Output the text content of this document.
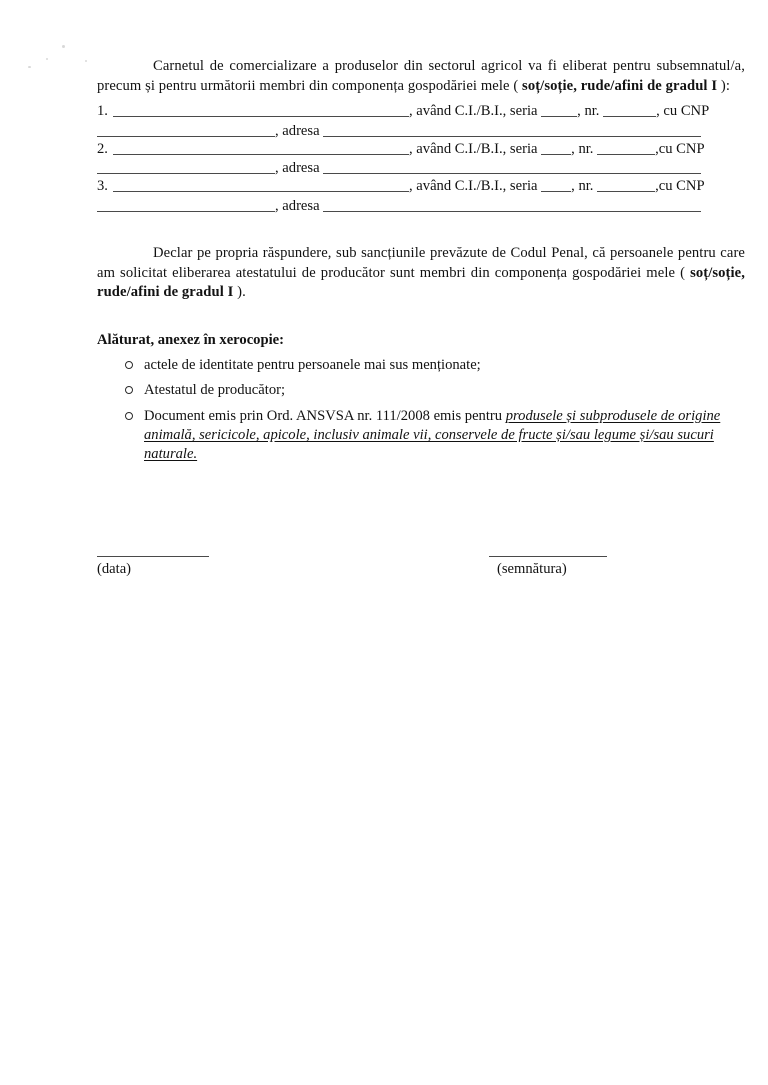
Carnetul de comercializare a produselor din sectorul agricol va fi eliberat pentru subsemnatul/a, precum și pentru următorii membri din componența gospodăriei mele ( soț/soție, rude/afini de gradul I ):

1.	, având C.I./B.I., seria	, nr.	, cu CNP
, adresa
2.	, având C.I./B.I., seria , nr.	,cu CNP
, adresa
3.	, având C.I./B.I., seria , nr.	,cu CNP
, adresa

Declar pe propria răspundere, sub sancțiunile prevăzute de Codul Penal, că persoanele pentru care am solicitat eliberarea atestatului de producător sunt membri din componența gospodăriei mele ( soț/soție, rude/afini de gradul I ).

Alăturat, anexez în xerocopie:
actele de identitate pentru persoanele mai sus menționate;
Atestatul de producător;
Document emis prin Ord. ANSVSA nr. 111/2008 emis pentru produsele și subprodusele de origine animală, sericicole, apicole, inclusiv animale vii, conservele de fructe și/sau legume și/sau sucuri naturale.
(data)	(semnătura)
